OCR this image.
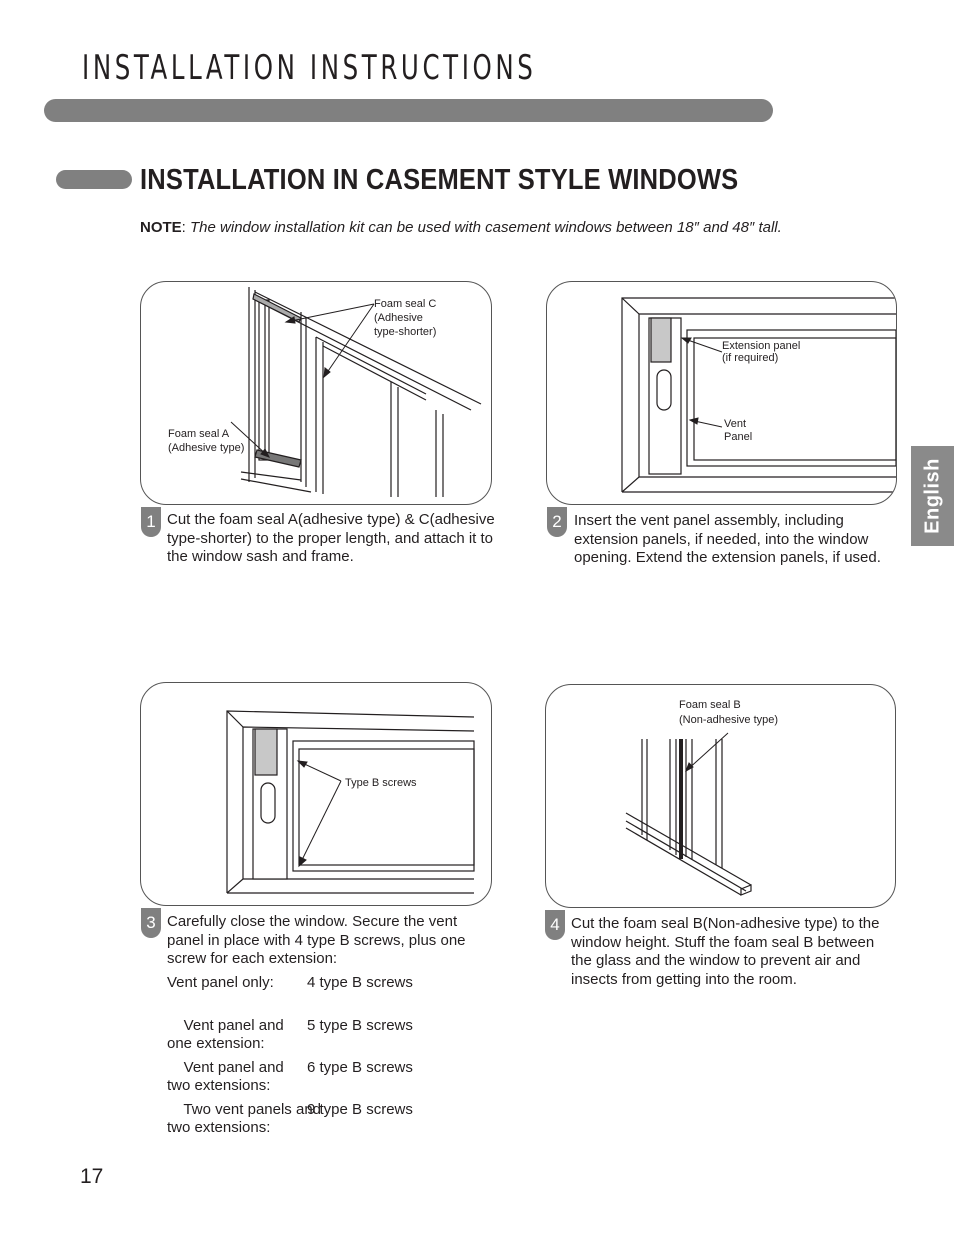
INSTALLATION INSTRUCTIONS
INSTALLATION IN CASEMENT STYLE WINDOWS
NOTE: The window installation kit can be used with casement windows between 18″ and 48″ tall.
Foam seal C
(Adhesive
type-shorter)
Foam seal A
(Adhesive type)
1 Cut the foam seal A(adhesive type) & C(adhesive type-shorter) to the proper length, and attach it to the window sash and frame.
Extension panel
(if required)
Vent
Panel
2 Insert the vent panel assembly, including extension panels, if needed, into the window opening. Extend the extension panels, if used.
Type B screws
3 Carefully close the window. Secure the vent panel in place with 4 type B screws, plus one screw for each extension:
Vent panel only: 4 type B screws

Vent panel and
one extension:

5 type B screws

Vent panel and
two extensions:

6 type B screws

Two vent panels and
two extensions:

9 type B screws

Foam seal B
(Non-adhesive type)
4 Cut the foam seal B(Non-adhesive type) to the window height. Stuff the foam seal B between the glass and the window to prevent air and insects from getting into the room.
English
17
